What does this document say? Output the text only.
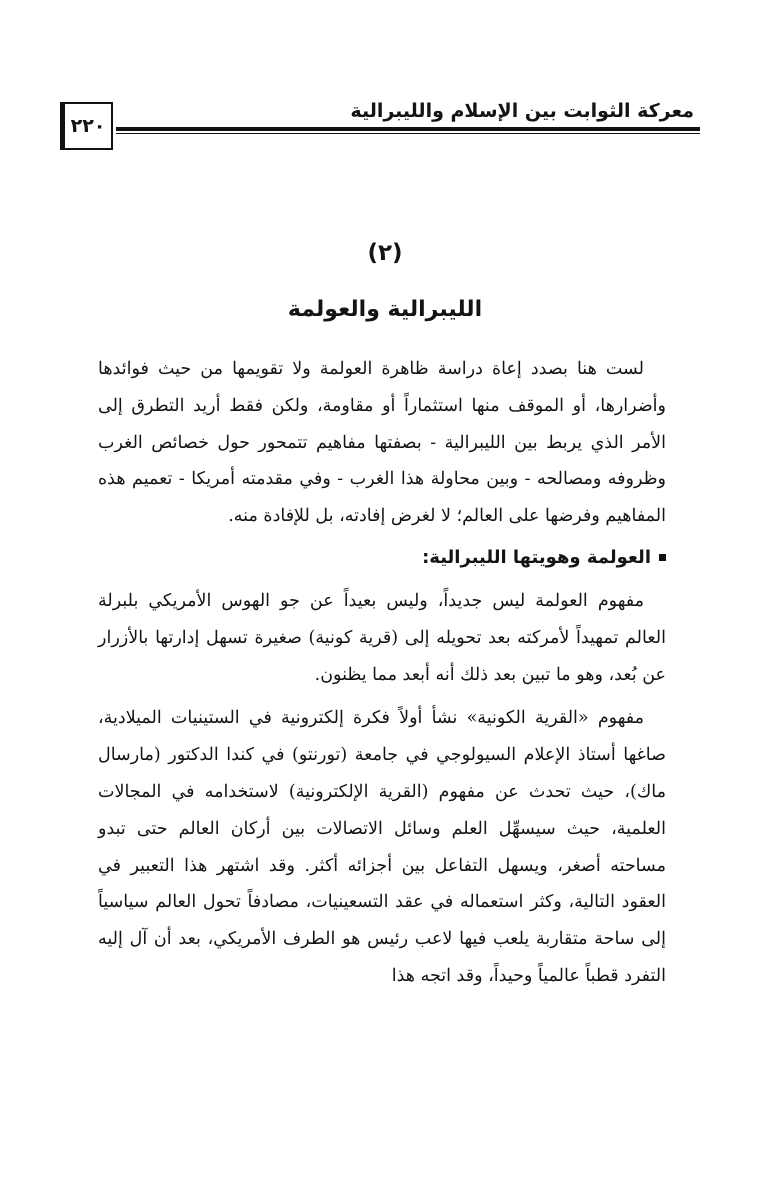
معركة الثوابت بين الإسلام والليبرالية
٢٢٠
(٢)
الليبرالية والعولمة

لست هنا بصدد إعاة دراسة ظاهرة العولمة ولا تقويمها من حيث فوائدها وأضرارها، أو الموقف منها استثماراً أو مقاومة، ولكن فقط أريد التطرق إلى الأمر الذي يربط بين الليبرالية - بصفتها مفاهيم تتمحور حول خصائص الغرب وظروفه ومصالحه - وبين محاولة هذا الغرب - وفي مقدمته أمريكا - تعميم هذه المفاهيم وفرضها على العالم؛ لا لغرض إفادته، بل للإفادة منه.

العولمة وهويتها الليبرالية:

مفهوم العولمة ليس جديداً، وليس بعيداً عن جو الهوس الأمريكي بلبرلة العالم تمهيداً لأمركته بعد تحويله إلى (قرية كونية) صغيرة تسهل إدارتها بالأزرار عن بُعد، وهو ما تبين بعد ذلك أنه أبعد مما يظنون.

مفهوم «القرية الكونية» نشأ أولاً فكرة إلكترونية في الستينيات الميلادية، صاغها أستاذ الإعلام السيولوجي في جامعة (تورنتو) في كندا الدكتور (مارسال ماك)، حيث تحدث عن مفهوم (القرية الإلكترونية) لاستخدامه في المجالات العلمية، حيث سيسهِّل العلم وسائل الاتصالات بين أركان العالم حتى تبدو مساحته أصغر، ويسهل التفاعل بين أجزائه أكثر. وقد اشتهر هذا التعبير في العقود التالية، وكثر استعماله في عقد التسعينيات، مصادفاً تحول العالم سياسياً إلى ساحة متقاربة يلعب فيها لاعب رئيس هو الطرف الأمريكي، بعد أن آل إليه التفرد قطباً عالمياً وحيداً، وقد اتجه هذا
